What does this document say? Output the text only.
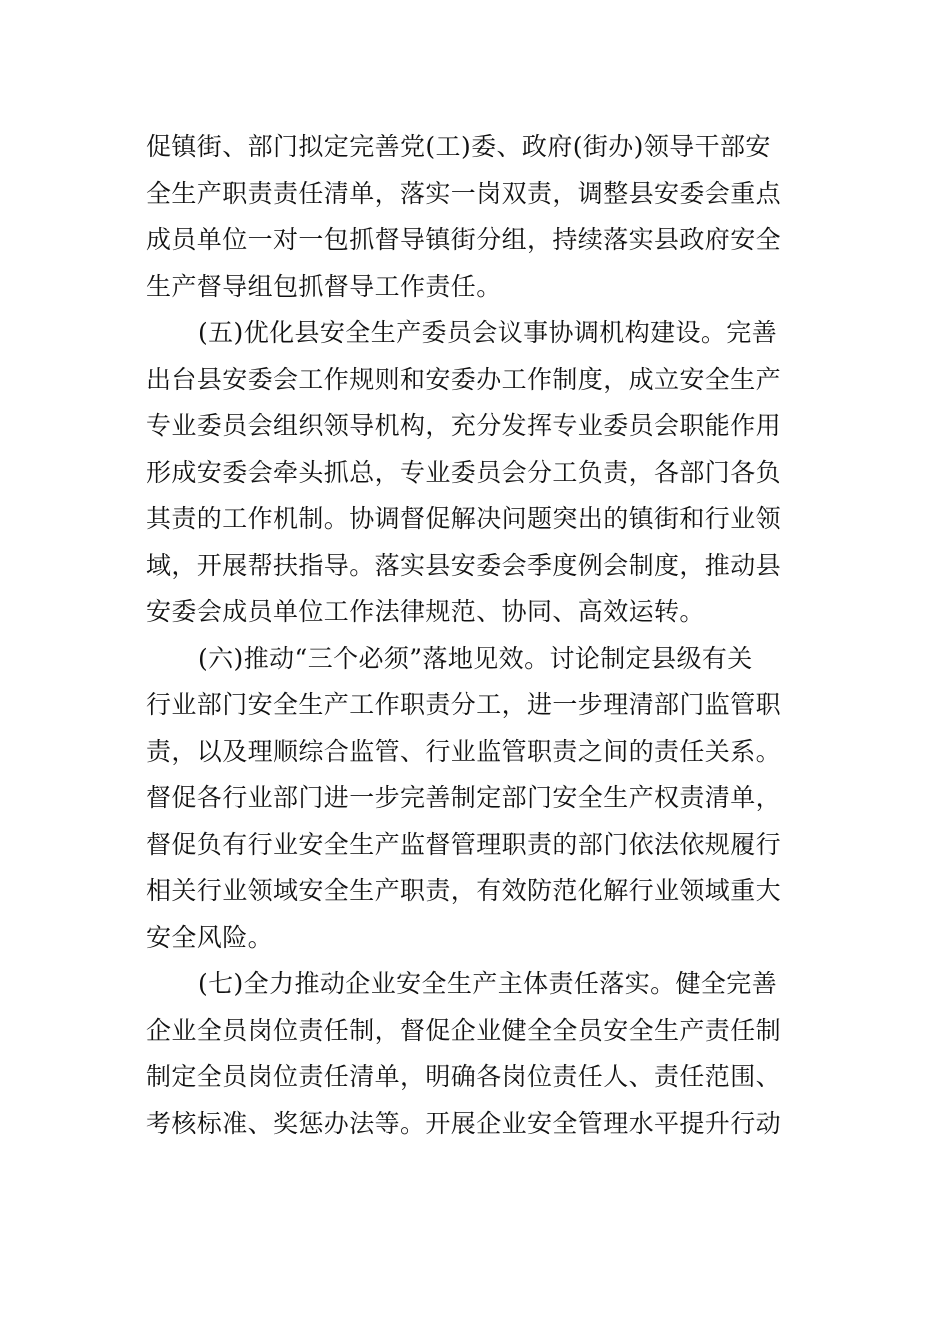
促镇街、部门拟定完善党(工)委、政府(街办)领导干部安
全生产职责责任清单，落实一岗双责，调整县安委会重点
成员单位一对一包抓督导镇街分组，持续落实县政府安全
生产督导组包抓督导工作责任。
(五)优化县安全生产委员会议事协调机构建设。完善
出台县安委会工作规则和安委办工作制度，成立安全生产
专业委员会组织领导机构，充分发挥专业委员会职能作用
形成安委会牵头抓总，专业委员会分工负责，各部门各负
其责的工作机制。协调督促解决问题突出的镇街和行业领
域，开展帮扶指导。落实县安委会季度例会制度，推动县
安委会成员单位工作法律规范、协同、高效运转。
(六)推动“三个必须”落地见效。讨论制定县级有关
行业部门安全生产工作职责分工，进一步理清部门监管职
责，以及理顺综合监管、行业监管职责之间的责任关系。
督促各行业部门进一步完善制定部门安全生产权责清单，
督促负有行业安全生产监督管理职责的部门依法依规履行
相关行业领域安全生产职责，有效防范化解行业领域重大
安全风险。
(七)全力推动企业安全生产主体责任落实。健全完善
企业全员岗位责任制，督促企业健全全员安全生产责任制
制定全员岗位责任清单，明确各岗位责任人、责任范围、
考核标准、奖惩办法等。开展企业安全管理水平提升行动
